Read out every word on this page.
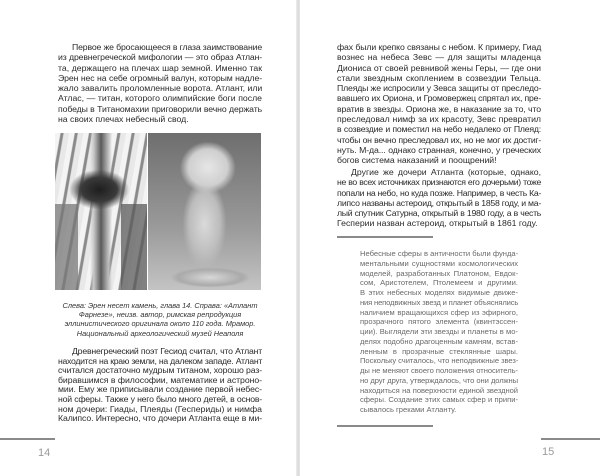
Первое же бросающееся в глаза заимствование
из древнегреческой мифологии — это образ Атлан-
та, держащего на плечах шар земной. Именно так
Эрен нес на себе огромный валун, которым надле-
жало завалить проломленные ворота. Атлант, или
Атлас, — титан, которого олимпийские боги после
победы в Титаномахии приговорили вечно держать
на своих плечах небесный свод.
Слева: Эрен несет камень, глава 14. Справа: «Атлант
Фарнезе», неизв. автор, римская репродукция
эллинистического оригинала около 110 года. Мрамор.
Национальный археологический музей Неаполя
Древнегреческий поэт Гесиод считал, что Атлант
находится на краю земли, на далеком западе. Атлант
считался достаточно мудрым титаном, хорошо раз-
биравшимся в философии, математике и астроно-
мии. Ему же приписывали создание первой небес-
ной сферы. Также у него было много детей, в основ-
ном дочери: Гиады, Плеяды (Геспериды) и нимфа
Калипсо. Интересно, что дочери Атланта еще в ми-
14
фах были крепко связаны с небом. К примеру, Гиад
вознес на небеса Зевс — для защиты младенца
Диониса от своей ревнивой жены Геры, — где они
стали звездным скоплением в созвездии Тельца.
Плеяды же испросили у Зевса защиты от преследо-
вавшего их Ориона, и Громовержец спрятал их, пре-
вратив в звезды. Ориона же, в наказание за то, что
преследовал нимф за их красоту, Зевс превратил
в созвездие и поместил на небо недалеко от Плеяд:
чтобы он вечно преследовал их, но не мог их достиг-
нуть. М-да... однако странная, конечно, у греческих
богов система наказаний и поощрений!
Другие же дочери Атланта (которые, однако,
не во всех источниках признаются его дочерьми) тоже
попали на небо, но куда позже. Например, в честь Ка-
липсо названы астероид, открытый в 1858 году, и ма-
лый спутник Сатурна, открытый в 1980 году, а в честь
Гесперии назван астероид, открытый в 1861 году.
Небесные сферы в античности были фунда-
ментальными сущностями космологических
моделей, разработанных Платоном, Евдок-
сом, Аристотелем, Птолемеем и другими.
В этих небесных моделях видимые движе-
ния неподвижных звезд и планет объяснялись
наличием вращающихся сфер из эфирного,
прозрачного пятого элемента (квинтэссен-
ции). Выглядели эти звезды и планеты в мо-
делях подобно драгоценным камням, встав-
ленным в прозрачные стеклянные шары.
Поскольку считалось, что неподвижные звез-
ды не меняют своего положения относитель-
но друг друга, утверждалось, что они должны
находиться на поверхности единой звездной
сферы. Создание этих самых сфер и припи-
сывалось греками Атланту.
15
